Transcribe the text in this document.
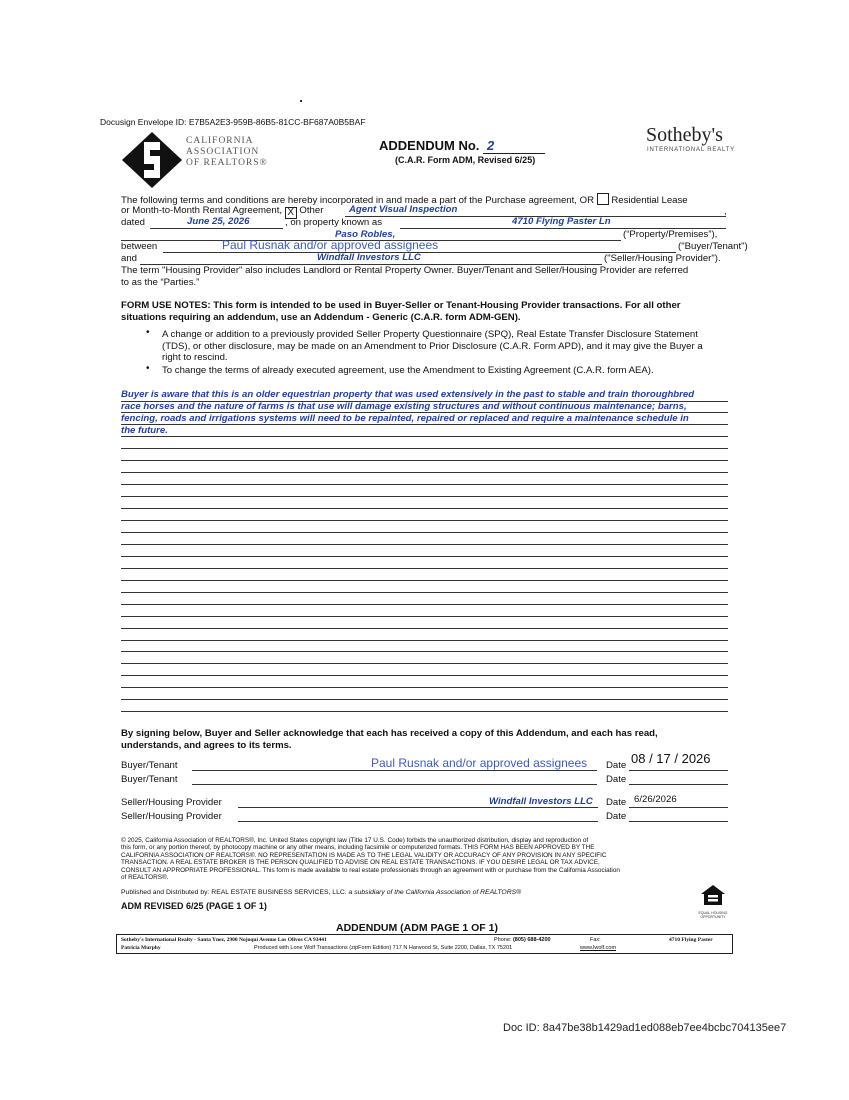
Docusign Envelope ID: E7B5A2E3-959B-86B5-81CC-BF687A0B5BAF
CALIFORNIA
ASSOCIATION
OF REALTORS®
ADDENDUM No. 2
(C.A.R. Form ADM, Revised 6/25)
Sotheby's
INTERNATIONAL REALTY
The following terms and conditions are hereby incorporated in and made a part of the Purchase agreement, OR Residential Lease
or Month-to-Month Rental Agreement, X Other	Agent Visual Inspection	,
dated	June 25, 2026	, on property known as	4710 Flying Paster Ln
Paso Robles,	(“Property/Premises”),
between	Paul Rusnak and/or approved assignees	("Buyer/Tenant")
and	Windfall Investors LLC	("Seller/Housing Provider").
The term "Housing Provider" also includes Landlord or Rental Property Owner. Buyer/Tenant and Seller/Housing Provider are referred
to as the “Parties.”
FORM USE NOTES: This form is intended to be used in Buyer-Seller or Tenant-Housing Provider transactions. For all other
situations requiring an addendum, use an Addendum - Generic (C.A.R. form ADM-GEN).
• A change or addition to a previously provided Seller Property Questionnaire (SPQ), Real Estate Transfer Disclosure Statement
(TDS), or other disclosure, may be made on an Amendment to Prior Disclosure (C.A.R. Form APD), and it may give the Buyer a
right to rescind.
• To change the terms of already executed agreement, use the Amendment to Existing Agreement (C.A.R. form AEA).
Buyer is aware that this is an older equestrian property that was used extensively in the past to stable and train thoroughbred
race horses and the nature of farms is that use will damage existing structures and without continuous maintenance; barns,
fencing, roads and irrigations systems will need to be repainted, repaired or replaced and require a maintenance schedule in
the future.
By signing below, Buyer and Seller acknowledge that each has received a copy of this Addendum, and each has read,
understands, and agrees to its terms.
Buyer/Tenant	Paul Rusnak and/or approved assignees Date 08 / 17 / 2026
Buyer/Tenant	Date
Seller/Housing Provider	Windfall Investors LLC Date 6/26/2026
Seller/Housing Provider	Date
© 2025, California Association of REALTORS®, Inc. United States copyright law (Title 17 U.S. Code) forbids the unauthorized distribution, display and reproduction of
this form, or any portion thereof, by photocopy machine or any other means, including facsimile or computerized formats. THIS FORM HAS BEEN APPROVED BY THE
CALIFORNIA ASSOCIATION OF REALTORS®. NO REPRESENTATION IS MADE AS TO THE LEGAL VALIDITY OR ACCURACY OF ANY PROVISION IN ANY SPECIFIC
TRANSACTION. A REAL ESTATE BROKER IS THE PERSON QUALIFIED TO ADVISE ON REAL ESTATE TRANSACTIONS. IF YOU DESIRE LEGAL OR TAX ADVICE,
CONSULT AN APPROPRIATE PROFESSIONAL. This form is made available to real estate professionals through an agreement with or purchase from the California Association
of REALTORS®.
Published and Distributed by: REAL ESTATE BUSINESS SERVICES, LLC. a subsidiary of the California Association of REALTORS®
ADM REVISED 6/25 (PAGE 1 OF 1)
EQUAL HOUSING OPPORTUNITY
ADDENDUM (ADM PAGE 1 OF 1)
Sotheby's International Realty - Santa Ynez, 2900 Nojoqui Avenue Los Olivos CA 93441	Phone: (805) 688-4200	Fax:	4710 Flying Paster
Patricia Murphy	Produced with Lone Wolf Transactions (zipForm Edition) 717 N Harwood St, Suite 2200, Dallas, TX 75201	www.lwolf.com
Doc ID: 8a47be38b1429ad1ed088eb7ee4bcbc704135ee7
